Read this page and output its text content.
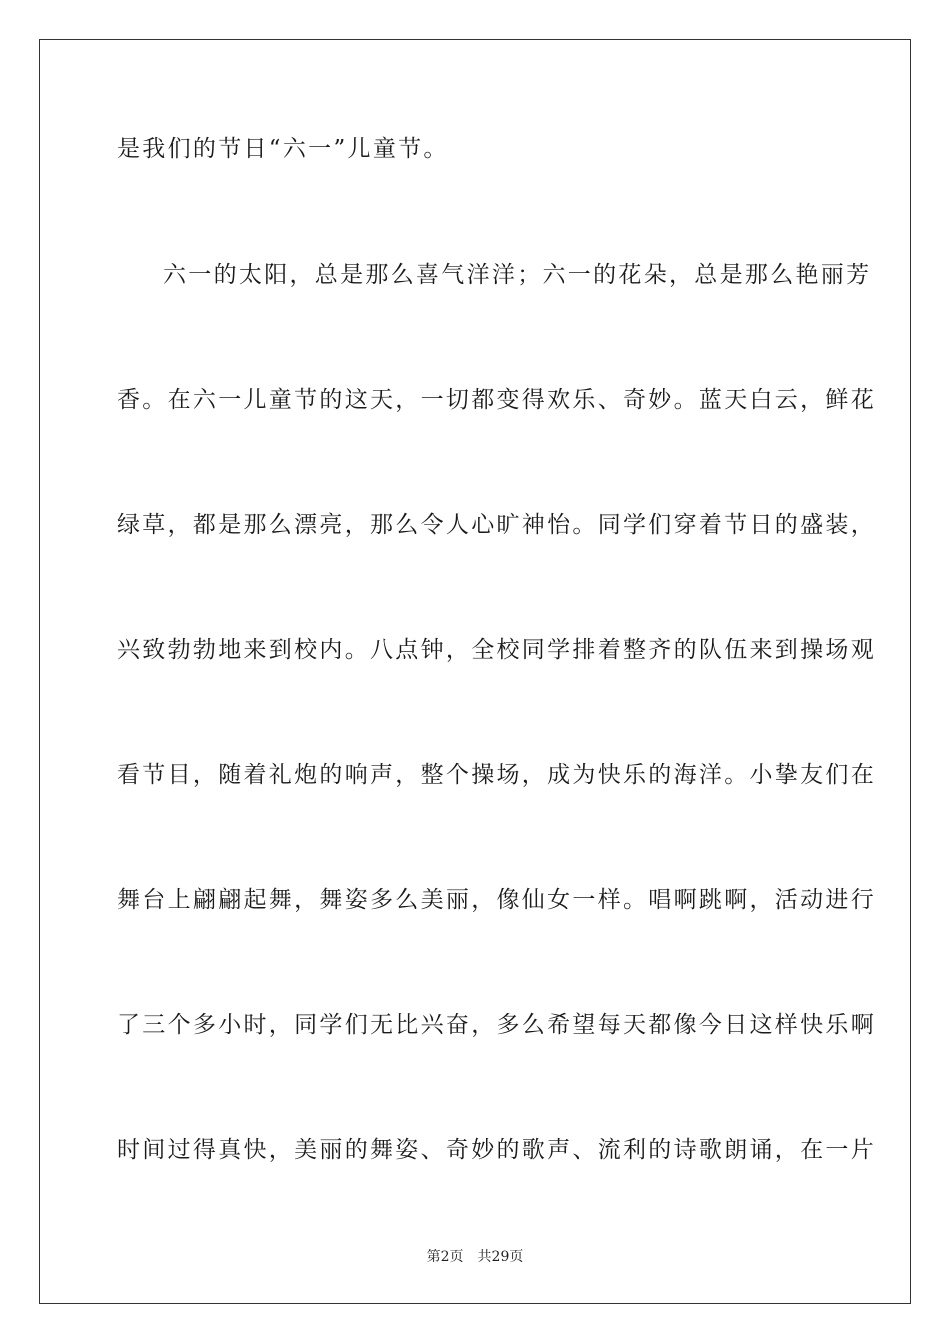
是我们的节日“六一”儿童节。

六一的太阳，总是那么喜气洋洋；六一的花朵，总是那么艳丽芳

香。在六一儿童节的这天，一切都变得欢乐、奇妙。蓝天白云，鲜花

绿草，都是那么漂亮，那么令人心旷神怡。同学们穿着节日的盛装，

兴致勃勃地来到校内。八点钟，全校同学排着整齐的队伍来到操场观

看节目，随着礼炮的响声，整个操场，成为快乐的海洋。小挚友们在

舞台上翩翩起舞，舞姿多么美丽，像仙女一样。唱啊跳啊，活动进行

了三个多小时，同学们无比兴奋，多么希望每天都像今日这样快乐啊

时间过得真快，美丽的舞姿、奇妙的歌声、流利的诗歌朗诵，在一片

第2页 共29页
